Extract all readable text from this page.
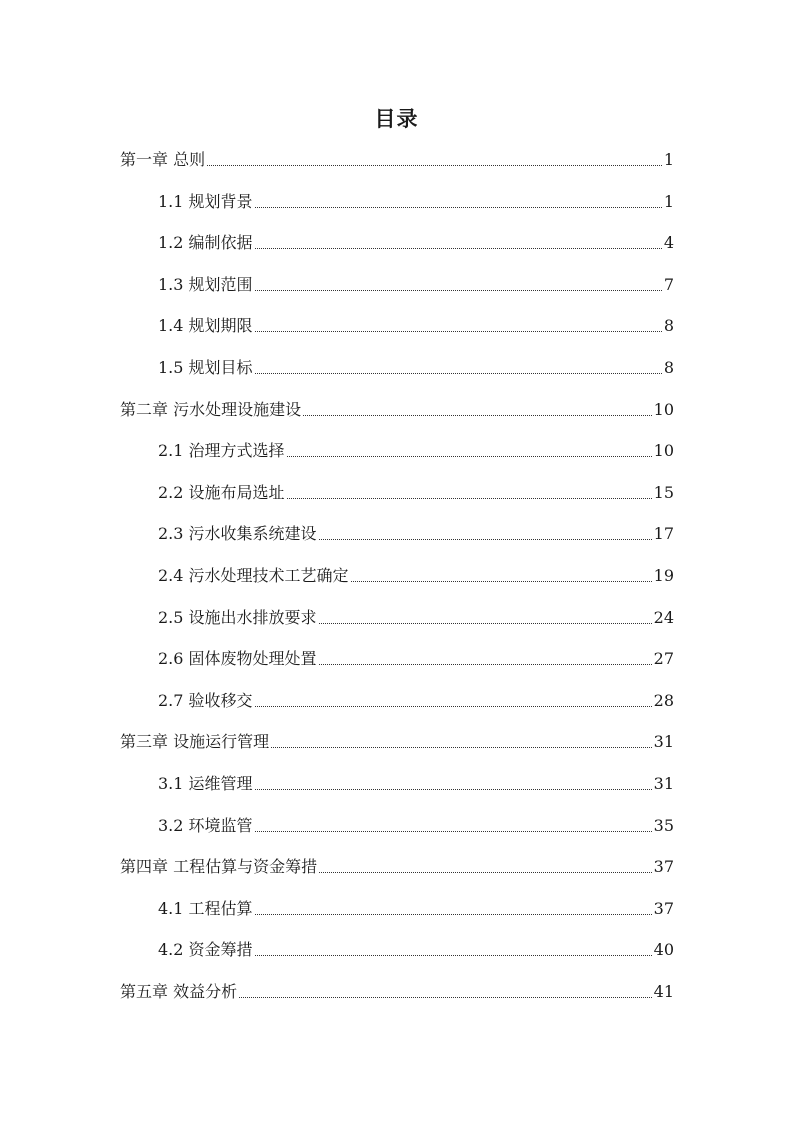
目录
第一章 总则	1
1.1 规划背景	1
1.2 编制依据	4
1.3 规划范围	7
1.4 规划期限	8
1.5 规划目标	8
第二章 污水处理设施建设	10
2.1 治理方式选择	10
2.2 设施布局选址	15
2.3 污水收集系统建设	17
2.4 污水处理技术工艺确定	19
2.5 设施出水排放要求	24
2.6 固体废物处理处置	27
2.7 验收移交	28
第三章 设施运行管理	31
3.1 运维管理	31
3.2 环境监管	35
第四章 工程估算与资金筹措	37
4.1 工程估算	37
4.2 资金筹措	40
第五章 效益分析	41
